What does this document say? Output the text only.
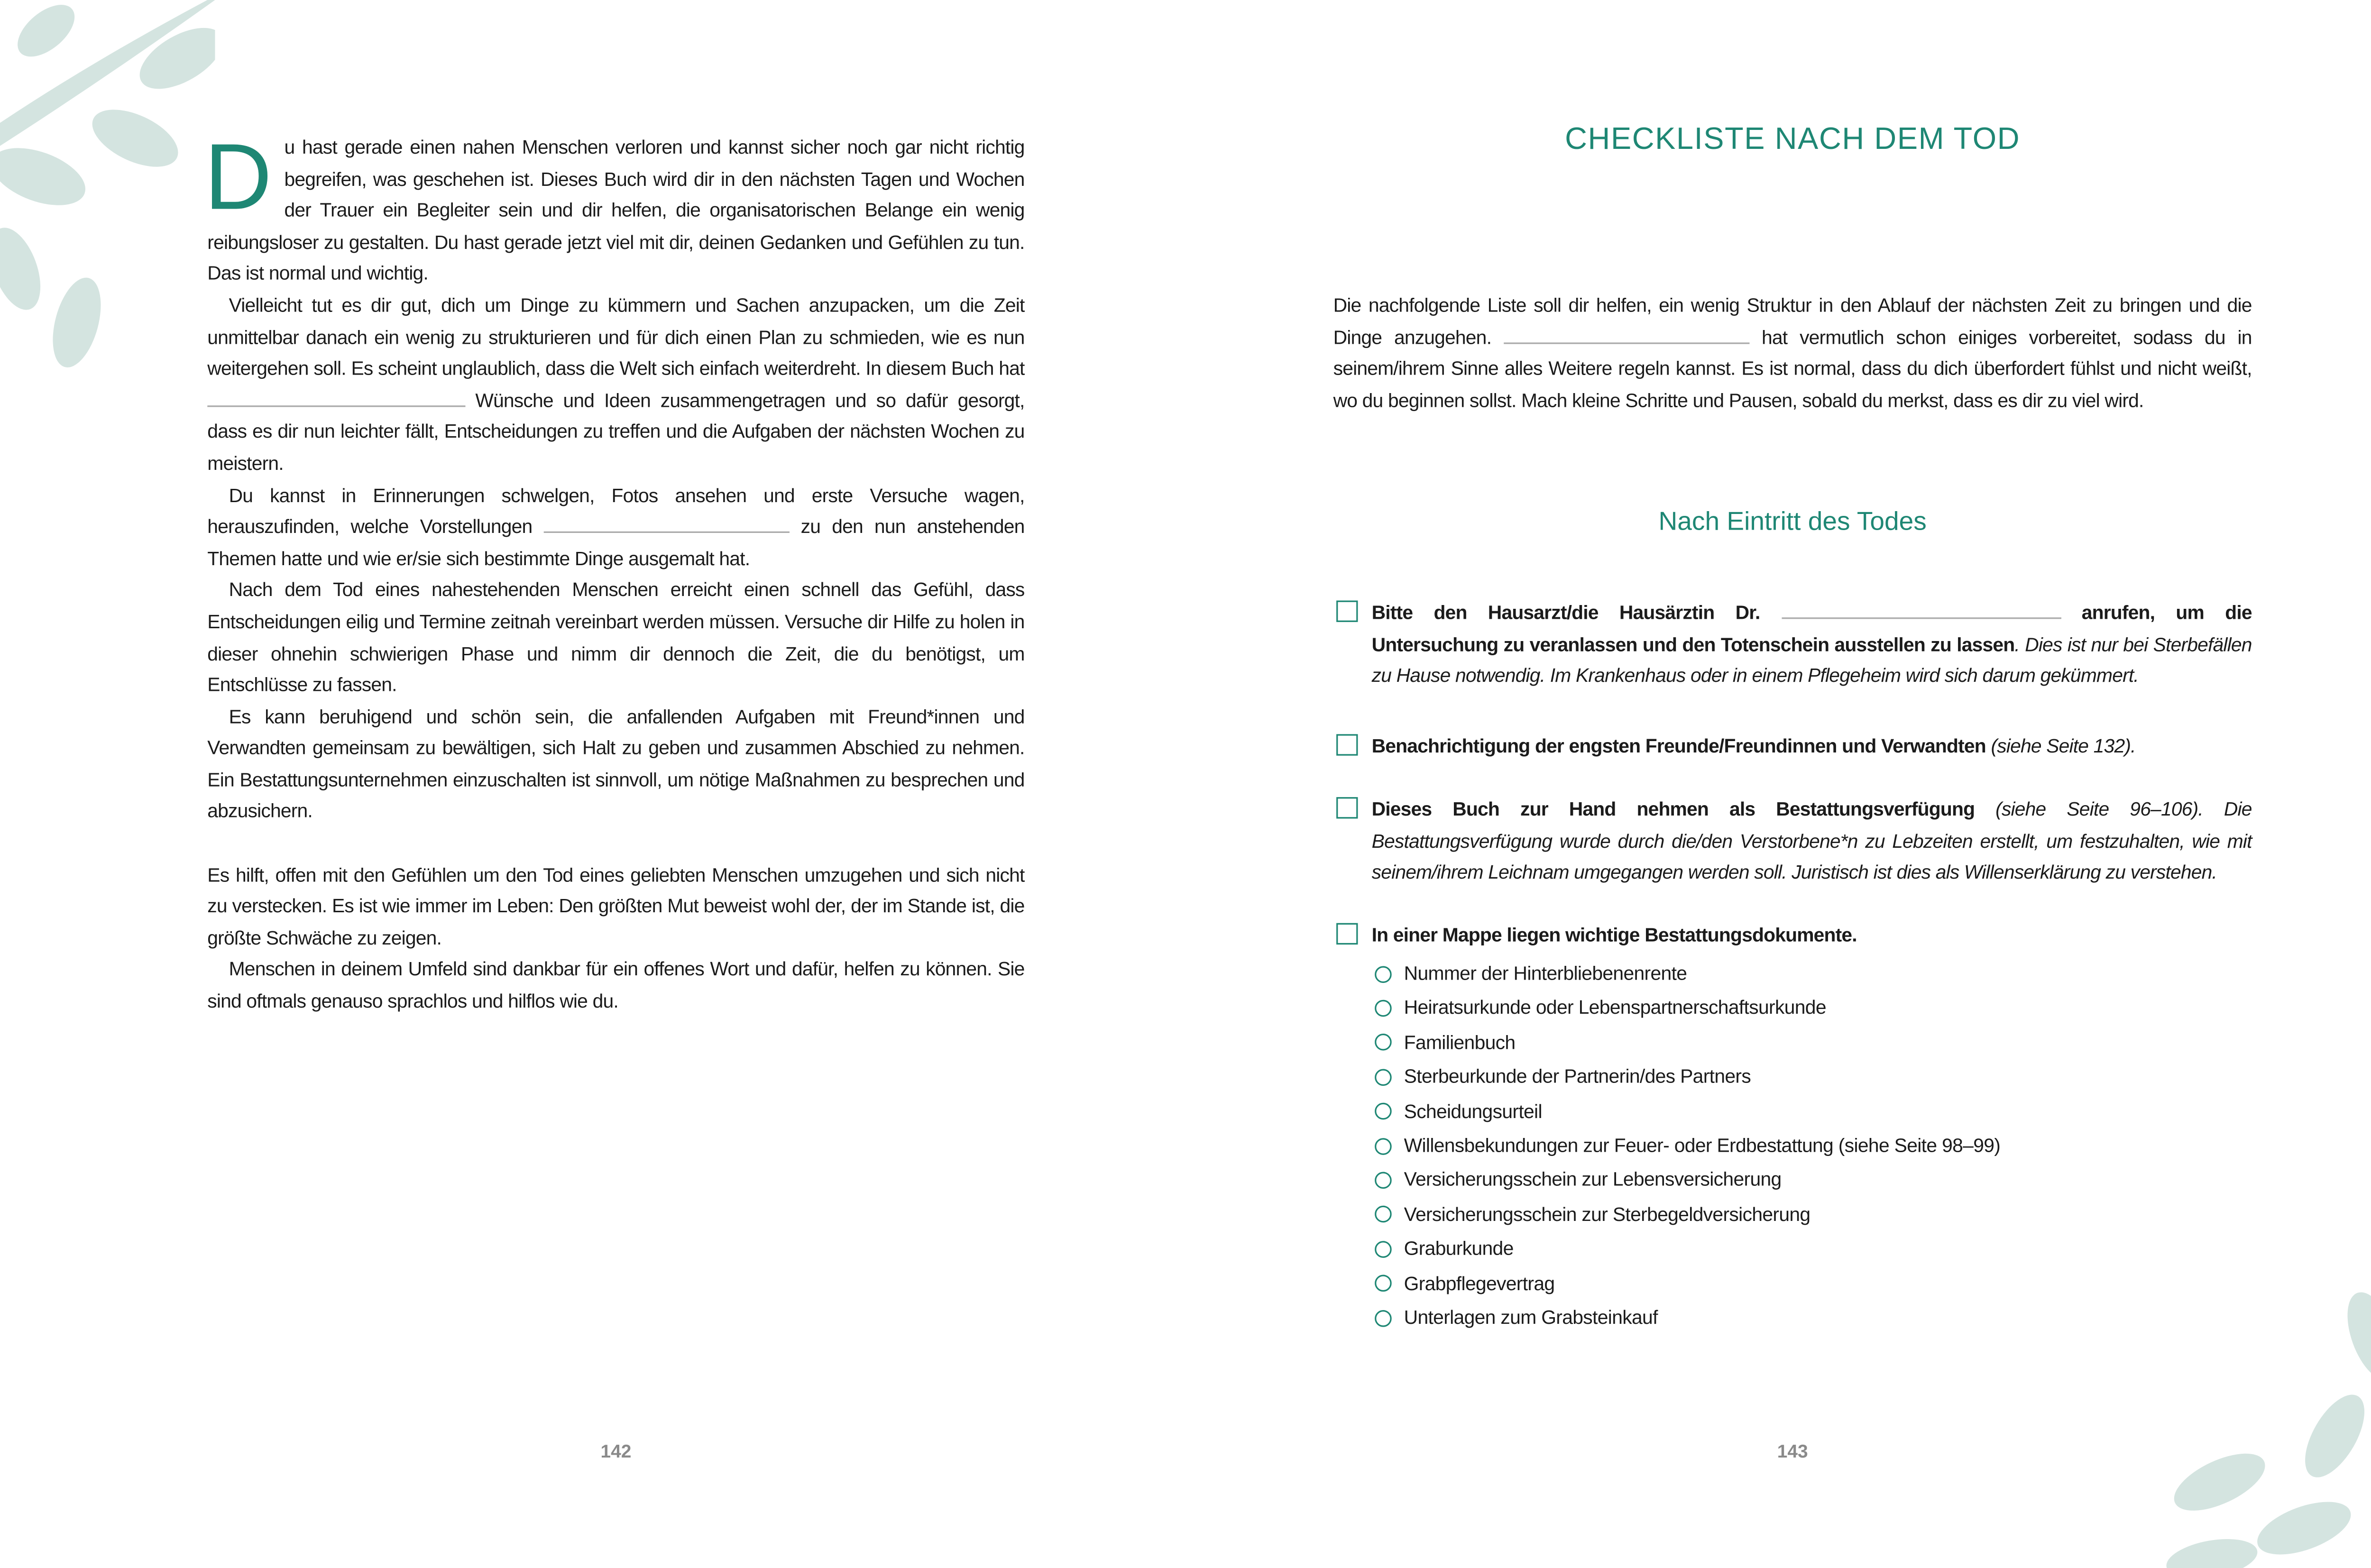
D u hast gerade einen nahen Menschen verloren und kannst sicher noch gar nicht richtig begreifen, was geschehen ist. Dieses Buch wird dir in den nächsten Tagen und Wochen der Trauer ein Begleiter sein und dir helfen, die organisatorischen Belange ein wenig reibungsloser zu gestalten. Du hast gerade jetzt viel mit dir, deinen Gedanken und Gefühlen zu tun. Das ist normal und wichtig.

Vielleicht tut es dir gut, dich um Dinge zu kümmern und Sachen anzupacken, um die Zeit unmittelbar danach ein wenig zu strukturieren und für dich einen Plan zu schmieden, wie es nun weitergehen soll. Es scheint unglaublich, dass die Welt sich einfach weiterdreht. In diesem Buch hat  Wünsche und Ideen zusammengetragen und so dafür gesorgt, dass es dir nun leichter fällt, Entscheidungen zu treffen und die Aufgaben der nächsten Wochen zu meistern.

Du kannst in Erinnerungen schwelgen, Fotos ansehen und erste Versuche wagen, herauszufinden, welche Vorstellungen	zu den nun anstehenden Themen hatte und wie er/sie sich bestimmte Dinge ausgemalt hat.

Nach dem Tod eines nahestehenden Menschen erreicht einen schnell das Gefühl, dass Entscheidungen eilig und Termine zeitnah vereinbart werden müssen. Versuche dir Hilfe zu holen in dieser ohnehin schwierigen Phase und nimm dir dennoch die Zeit, die du benötigst, um Entschlüsse zu fassen.

Es kann beruhigend und schön sein, die anfallenden Aufgaben mit Freund*innen und Verwandten gemeinsam zu bewältigen, sich Halt zu geben und zusammen Abschied zu nehmen. Ein Bestattungsunternehmen einzuschalten ist sinnvoll, um nötige Maßnahmen zu besprechen und abzusichern.

Es hilft, offen mit den Gefühlen um den Tod eines geliebten Menschen umzugehen und sich nicht zu verstecken. Es ist wie immer im Leben: Den größten Mut beweist wohl der, der im Stande ist, die größte Schwäche zu zeigen.

Menschen in deinem Umfeld sind dankbar für ein offenes Wort und dafür, helfen zu können. Sie sind oftmals genauso sprachlos und hilflos wie du.

142
CHECKLISTE NACH DEM TOD

Die nachfolgende Liste soll dir helfen, ein wenig Struktur in den Ablauf der nächsten Zeit zu bringen und die Dinge anzugehen.	hat vermutlich schon einiges vorbereitet, sodass du in seinem/ihrem Sinne alles Weitere regeln kannst. Es ist normal, dass du dich überfordert fühlst und nicht weißt, wo du beginnen sollst. Mach kleine Schritte und Pausen, sobald du merkst, dass es dir zu viel wird.

Nach Eintritt des Todes
Bitte den Hausarzt/die Hausärztin Dr.	anrufen, um die Untersuchung zu veranlassen und den Totenschein ausstellen zu lassen. Dies ist nur bei Sterbefällen zu Hause notwendig. Im Krankenhaus oder in einem Pflegeheim wird sich darum gekümmert.
Benachrichtigung der engsten Freunde/Freundinnen und Verwandten (siehe Seite 132).
Dieses Buch zur Hand nehmen als Bestattungsverfügung (siehe Seite 96–106). Die Bestattungsverfügung wurde durch die/den Verstorbene*n zu Lebzeiten erstellt, um festzuhalten, wie mit seinem/ihrem Leichnam umgegangen werden soll. Juristisch ist dies als Willenserklärung zu verstehen.
In einer Mappe liegen wichtige Bestattungsdokumente.
Nummer der Hinterbliebenenrente
Heiratsurkunde oder Lebenspartnerschaftsurkunde
Familienbuch
Sterbeurkunde der Partnerin/des Partners
Scheidungsurteil
Willensbekundungen zur Feuer- oder Erdbestattung (siehe Seite 98–99)
Versicherungsschein zur Lebensversicherung
Versicherungsschein zur Sterbegeldversicherung
Graburkunde
Grabpflegevertrag
Unterlagen zum Grabsteinkauf
143
